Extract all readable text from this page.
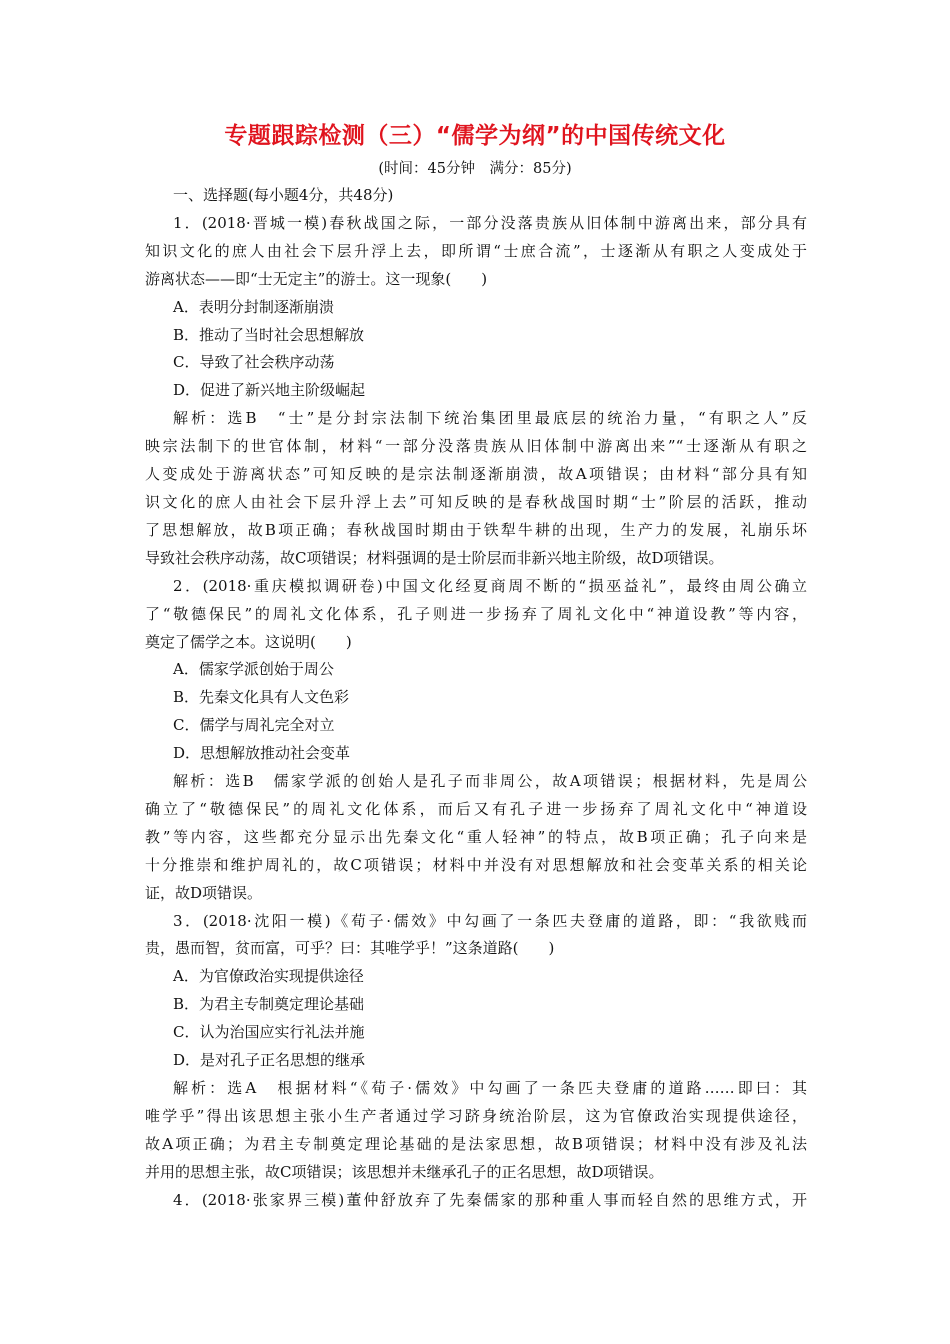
专题跟踪检测（三）“儒学为纲”的中国传统文化
(时间：45分钟　满分：85分)
一、选择题(每小题4分，共48分)
1．(2018·晋城一模)春秋战国之际，一部分没落贵族从旧体制中游离出来，部分具有
知识文化的庶人由社会下层升浮上去，即所谓“士庶合流”，士逐渐从有职之人变成处于
游离状态——即“士无定主”的游士。这一现象(　　)
A．表明分封制逐渐崩溃
B．推动了当时社会思想解放
C．导致了社会秩序动荡
D．促进了新兴地主阶级崛起
解析：选B　“士”是分封宗法制下统治集团里最底层的统治力量，“有职之人”反
映宗法制下的世官体制，材料“一部分没落贵族从旧体制中游离出来”“士逐渐从有职之
人变成处于游离状态”可知反映的是宗法制逐渐崩溃，故A项错误；由材料“部分具有知
识文化的庶人由社会下层升浮上去”可知反映的是春秋战国时期“士”阶层的活跃，推动
了思想解放，故B项正确；春秋战国时期由于铁犁牛耕的出现，生产力的发展，礼崩乐坏
导致社会秩序动荡，故C项错误；材料强调的是士阶层而非新兴地主阶级，故D项错误。
2．(2018·重庆模拟调研卷)中国文化经夏商周不断的“损巫益礼”，最终由周公确立
了“敬德保民”的周礼文化体系，孔子则进一步扬弃了周礼文化中“神道设教”等内容，
奠定了儒学之本。这说明(　　)
A．儒家学派创始于周公
B．先秦文化具有人文色彩
C．儒学与周礼完全对立
D．思想解放推动社会变革
解析：选B　儒家学派的创始人是孔子而非周公，故A项错误；根据材料，先是周公
确立了“敬德保民”的周礼文化体系，而后又有孔子进一步扬弃了周礼文化中“神道设
教”等内容，这些都充分显示出先秦文化“重人轻神”的特点，故B项正确；孔子向来是
十分推崇和维护周礼的，故C项错误；材料中并没有对思想解放和社会变革关系的相关论
证，故D项错误。
3．(2018·沈阳一模)《荀子·儒效》中勾画了一条匹夫登庸的道路，即：“我欲贱而
贵，愚而智，贫而富，可乎？曰：其唯学乎！”这条道路(　　)
A．为官僚政治实现提供途径
B．为君主专制奠定理论基础
C．认为治国应实行礼法并施
D．是对孔子正名思想的继承
解析：选A　根据材料“《荀子·儒效》中勾画了一条匹夫登庸的道路……即曰：其
唯学乎”得出该思想主张小生产者通过学习跻身统治阶层，这为官僚政治实现提供途径，
故A项正确；为君主专制奠定理论基础的是法家思想，故B项错误；材料中没有涉及礼法
并用的思想主张，故C项错误；该思想并未继承孔子的正名思想，故D项错误。
4．(2018·张家界三模)董仲舒放弃了先秦儒家的那种重人事而轻自然的思维方式，开
